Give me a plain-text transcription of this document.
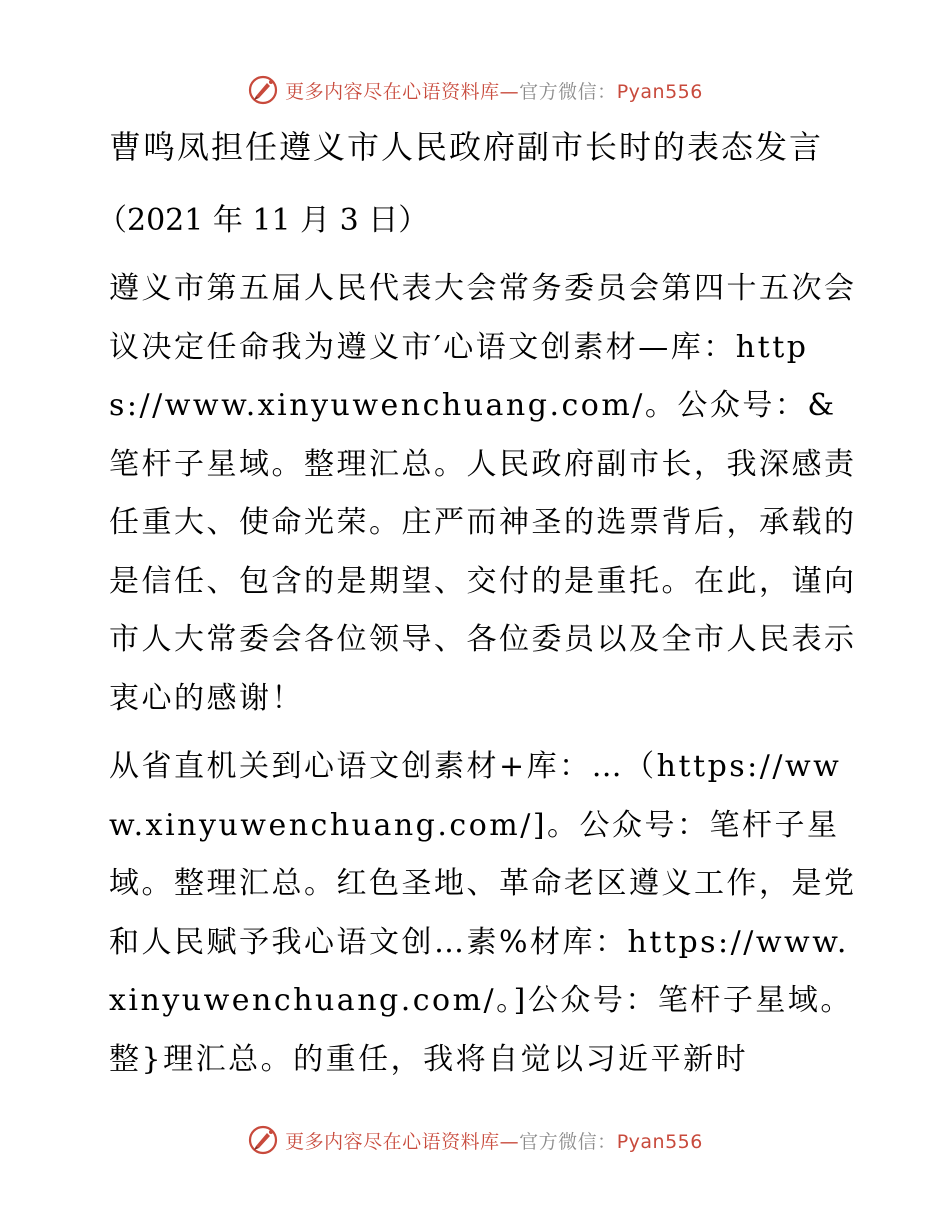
更多内容尽在心语资料库—官方微信：Pyan556
曹鸣凤担任遵义市人民政府副市长时的表态发言
（2021 年 11 月 3 日）

遵义市第五届人民代表大会常务委员会第四十五次会议决定任命我为遵义市′心语文创素材—库：https://www.xinyuwenchuang.com/。公众号：&笔杆子星域。整理汇总。人民政府副市长，我深感责任重大、使命光荣。庄严而神圣的选票背后，承载的是信任、包含的是期望、交付的是重托。在此，谨向市人大常委会各位领导、各位委员以及全市人民表示衷心的感谢！

从省直机关到心语文创素材+库：…（https://www.xinyuwenchuang.com/]。公众号：笔杆子星域。整理汇总。红色圣地、革命老区遵义工作，是党和人民赋予我心语文创…素%材库：https://www.xinyuwenchuang.com/。]公众号：笔杆子星域。整}理汇总。的重任，我将自觉以习近平新时

更多内容尽在心语资料库—官方微信：Pyan556
